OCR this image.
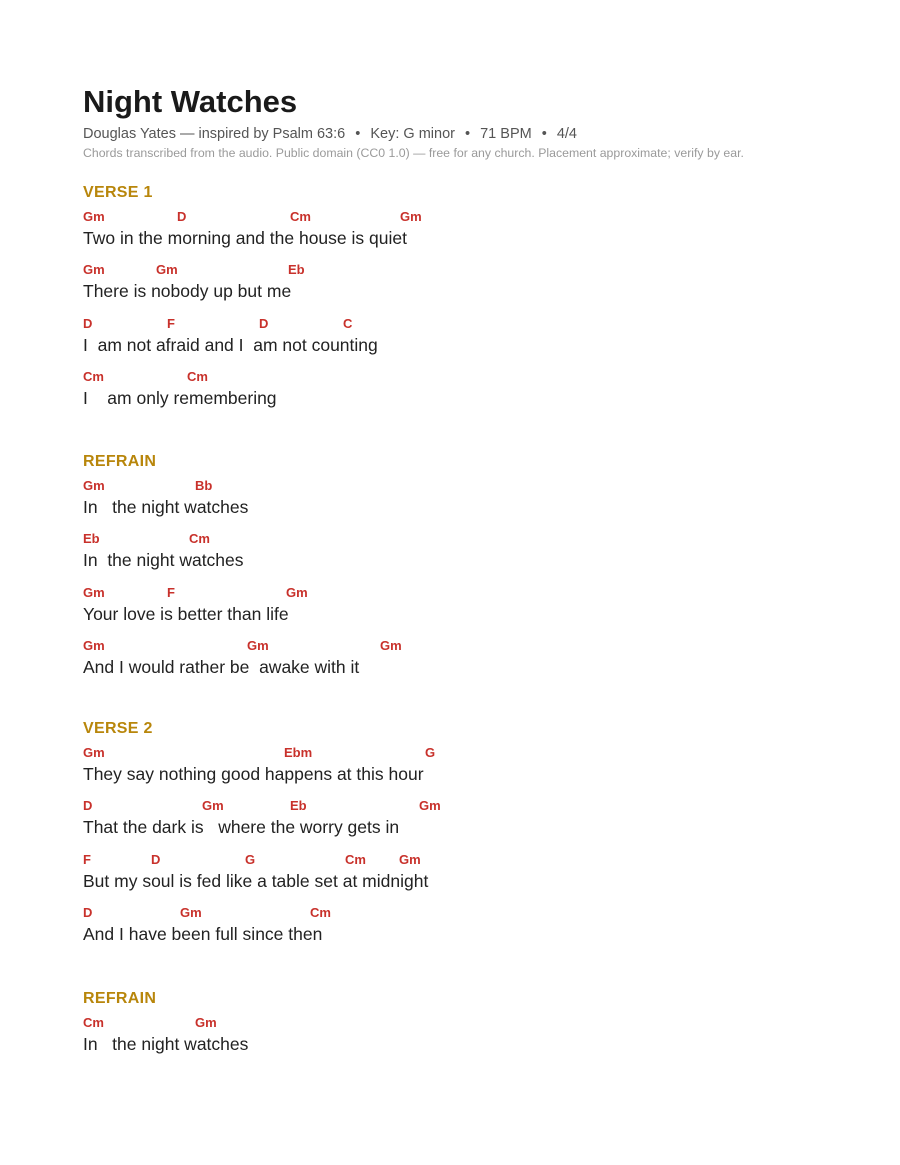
Night Watches
Douglas Yates — inspired by Psalm 63:6 • Key: G minor • 71 BPM • 4/4
Chords transcribed from the audio. Public domain (CC0 1.0) — free for any church. Placement approximate; verify by ear.
VERSE 1
Gm	D	Cm	Gm
Two in the morning and the house is quiet
Gm	Gm	Eb
There is nobody up but me
D	F	D	C
I  am not afraid and I  am not counting
Cm	Cm
I    am only remembering
REFRAIN
Gm	Bb
In   the night watches
Eb	Cm
In  the night watches
Gm	F	Gm
Your love is better than life
Gm	Gm	Gm
And I would rather be  awake with it
VERSE 2
Gm	Ebm	G
They say nothing good happens at this hour
D	Gm	Eb	Gm
That the dark is   where the worry gets in
F	D	G	Cm	Gm
But my soul is fed like a table set at midnight
D	Gm	Cm
And I have been full since then
REFRAIN
Cm	Gm
In   the night watches
